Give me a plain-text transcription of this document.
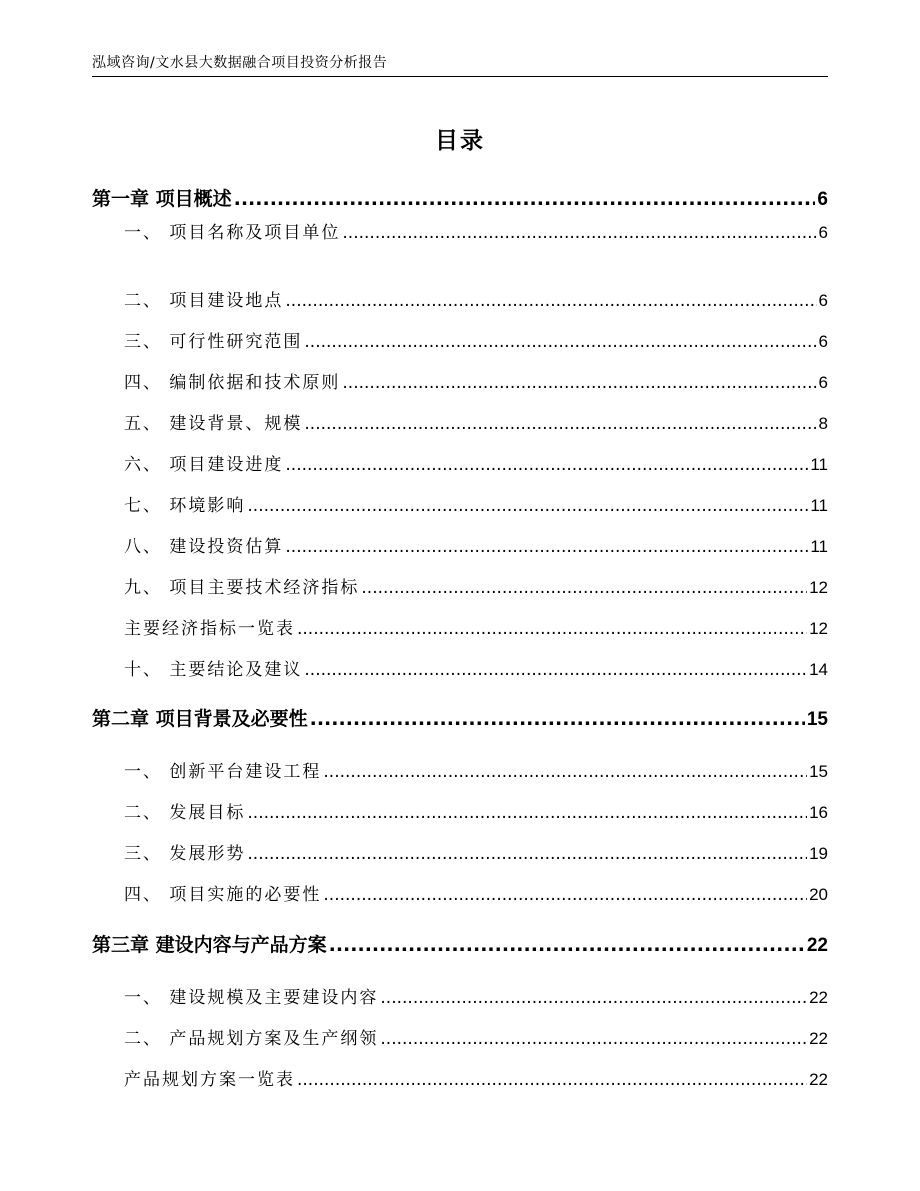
泓域咨询/文水县大数据融合项目投资分析报告
目录
第一章 项目概述 .....	6
一、 项目名称及项目单位 .....	6
二、 项目建设地点 .....	6
三、 可行性研究范围 .....	6
四、 编制依据和技术原则 .....	6
五、 建设背景、规模 .....	8
六、 项目建设进度 .....	11
七、 环境影响 .....	11
八、 建设投资估算 .....	11
九、 项目主要技术经济指标 .....	12
主要经济指标一览表 .....	12
十、 主要结论及建议 .....	14
第二章 项目背景及必要性 .....	15
一、 创新平台建设工程 .....	15
二、 发展目标 .....	16
三、 发展形势 .....	19
四、 项目实施的必要性 .....	20
第三章 建设内容与产品方案 .....	22
一、 建设规模及主要建设内容 .....	22
二、 产品规划方案及生产纲领 .....	22
产品规划方案一览表 .....	22
